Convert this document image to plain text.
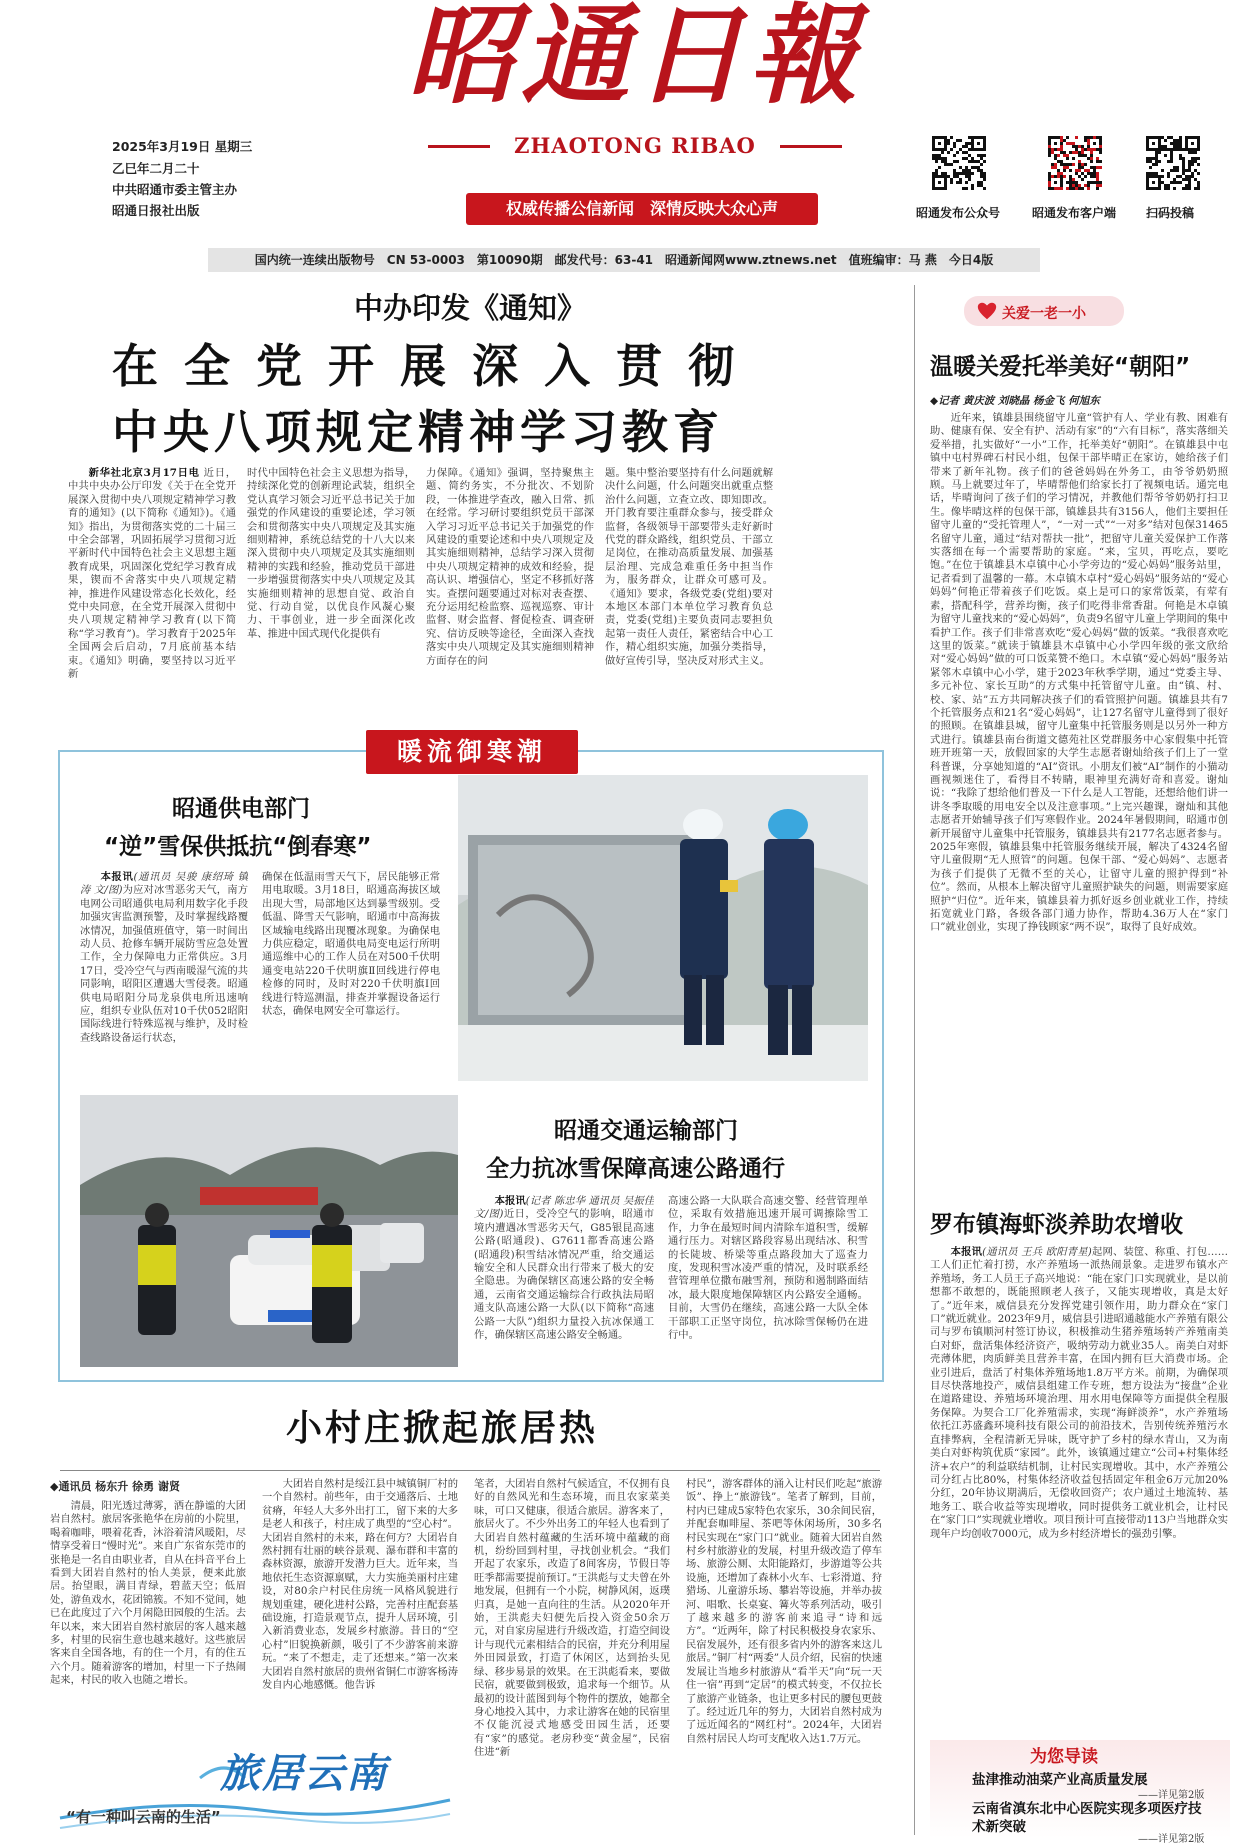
昭通日報
ZHAOTONG RIBAO
权威传播公信新闻　深情反映大众心声
2025年3月19日 星期三
乙巳年二月二十
中共昭通市委主管主办
昭通日报社出版	昭通发布公众号	昭通发布客户端 扫码投稿
国内统一连续出版物号　CN 53-0003　第10090期　邮发代号：63-41　昭通新闻网www.ztnews.net　值班编审：马 燕　今日4版
中办印发《通知》
在 全 党 开 展 深 入 贯 彻
中央八项规定精神学习教育

新华社北京3月17日电 近日，中共中央办公厅印发《关于在全党开展深入贯彻中央八项规定精神学习教育的通知》(以下简称《通知》)。《通知》指出，为贯彻落实党的二十届三中全会部署，巩固拓展学习贯彻习近平新时代中国特色社会主义思想主题教育成果，巩固深化党纪学习教育成果，锲而不舍落实中央八项规定精神，推进作风建设常态化长效化，经党中央同意，在全党开展深入贯彻中央八项规定精神学习教育(以下简称“学习教育”)。学习教育于2025年全国两会后启动，7月底前基本结束。《通知》明确，要坚持以习近平新

时代中国特色社会主义思想为指导，持续深化党的创新理论武装，组织全党认真学习领会习近平总书记关于加强党的作风建设的重要论述，学习领会和贯彻落实中央八项规定及其实施细则精神，系统总结党的十八大以来深入贯彻中央八项规定及其实施细则精神的实践和经验，推动党员干部进一步增强贯彻落实中央八项规定及其实施细则精神的思想自觉、政治自觉、行动自觉，以优良作风凝心聚力、干事创业，进一步全面深化改革、推进中国式现代化提供有

力保障。《通知》强调，坚持聚焦主题、简约务实，不分批次、不划阶段，一体推进学查改，融入日常、抓在经常。学习研讨要组织党员干部深入学习习近平总书记关于加强党的作风建设的重要论述和中央八项规定及其实施细则精神，总结学习深入贯彻中央八项规定精神的成效和经验，提高认识、增强信心，坚定不移抓好落实。查摆问题要通过对标对表查摆、充分运用纪检监察、巡视巡察、审计监督、财会监督、督促检查、调查研究、信访反映等途径，全面深入查找落实中央八项规定及其实施细则精神方面存在的问

题。集中整治要坚持有什么问题就解决什么问题，什么问题突出就重点整治什么问题，立查立改、即知即改。开门教育要注重群众参与，接受群众监督，各级领导干部要带头走好新时代党的群众路线，组织党员、干部立足岗位，在推动高质量发展、加强基层治理、完成急难重任务中担当作为，服务群众，让群众可感可及。《通知》要求，各级党委(党组)要对本地区本部门本单位学习教育负总责，党委(党组)主要负责同志要担负起第一责任人责任，紧密结合中心工作，精心组织实施，加强分类指导，做好宣传引导，坚决反对形式主义。

暖流御寒潮
昭通供电部门
“逆”雪保供抵抗“倒春寒”

本报讯(通讯员 吴骏 康绍琦 镇涛 文/图)为应对冰雪恶劣天气，南方电网公司昭通供电局利用数字化手段加强灾害监测预警，及时掌握线路覆冰情况，加强值班值守，第一时间出动人员、抢修车辆开展防雪应急处置工作，全力保障电力正常供应。3月17日，受冷空气与西南暖湿气流的共同影响，昭阳区遭遇大雪侵袭。昭通供电局昭阳分局龙泉供电所迅速响应，组织专业队伍对10千伏052昭阳国际线进行特殊巡视与维护，及时检查线路设备运行状态，

确保在低温雨雪天气下，居民能够正常用电取暖。3月18日，昭通高海拔区域出现大雪，局部地区达到暴雪级别。受低温、降雪天气影响，昭通市中高海拔区域输电线路出现覆冰现象。为确保电力供应稳定，昭通供电局变电运行所明通巡维中心的工作人员在对500千伏明通变电站220千伏明旗Ⅱ回线进行停电检修的同时，及时对220千伏明旗Ⅰ回线进行特巡测温，排查并掌握设备运行状态，确保电网安全可靠运行。

昭通交通运输部门
全力抗冰雪保障高速公路通行

本报讯(记者 陈忠华 通讯员 吴振佳 文/图)近日，受冷空气的影响，昭通市境内遭遇冰雪恶劣天气，G85银昆高速公路(昭通段)、G7611都香高速公路(昭通段)积雪结冰情况严重，给交通运输安全和人民群众出行带来了极大的安全隐患。为确保辖区高速公路的安全畅通，云南省交通运输综合行政执法局昭通支队高速公路一大队(以下简称“高速公路一大队”)组织力量投入抗冰保通工作，确保辖区高速公路安全畅通。

高速公路一大队联合高速交警、经营管理单位，采取有效措施迅速开展可调擦除雪工作，力争在最短时间内清除车道积雪，缓解通行压力。对辖区路段容易出现结冰、积雪的长陡坡、桥梁等重点路段加大了巡查力度，发现积雪冰凌严重的情况，及时联系经营管理单位撒布融雪剂，预防和遏制路面结冰，最大限度地保障辖区内公路安全通畅。目前，大雪仍在继续，高速公路一大队全体干部职工正坚守岗位，抗冰除雪保畅仍在进行中。

小村庄掀起旅居热
◆通讯员 杨东升 徐勇 谢贤

清晨，阳光透过薄雾，洒在静谧的大团岩自然村。旅居客张艳华在房前的小院里，喝着咖啡，喂着花香，沐浴着清风暖阳，尽情享受着日“慢时光”。来自广东省东莞市的张艳是一名自由职业者，自从在抖音平台上看到大团岩自然村的怡人美景，便来此旅居。抬望眼，满目青绿，碧蓝天空；低眉处，游鱼戏水，花团锦簇。不知不觉间，她已在此度过了六个月闲隐田园般的生活。去年以来，来大团岩自然村旅居的客人越来越多，村里的民宿生意也越来越好。这些旅居客来自全国各地，有的住一个月，有的住五六个月。随着游客的增加，村里一下子热闹起来，村民的收入也随之增长。

大团岩自然村是绥江县中城镇铜厂村的一个自然村。前些年，由于交通落后、土地贫瘠，年轻人大多外出打工，留下来的大多是老人和孩子，村庄成了典型的“空心村”。大团岩自然村的未来，路在何方？大团岩自然村拥有壮丽的峡谷景观、瀑布群和丰富的森林资源，旅游开发潜力巨大。近年来，当地依托生态资源禀赋，大力实施美丽村庄建设，对80余户村民住房统一风格风貌进行规划重建，硬化进村公路，完善村庄配套基础设施，打造景观节点，提升人居环境，引入新消费业态，发展乡村旅游。昔日的“空心村”旧貌换新颜，吸引了不少游客前来游玩。“来了不想走，走了还想来。”第一次来大团岩自然村旅居的贵州省铜仁市游客杨涛发自内心地感慨。他告诉

笔者，大团岩自然村气候适宜，不仅拥有良好的自然风光和生态环境，而且农家菜美味，可口又健康，很适合旅居。游客来了，旅居火了。不少外出务工的年轻人也看到了大团岩自然村蕴藏的生活环境中蕴藏的商机，纷纷回到村里，寻找创业机会。“我们开起了农家乐，改造了8间客房，节假日等旺季都需要提前预订。”王洪彪与丈夫曾在外地发展，但拥有一个小院，树静风闲，返璞归真，是她一直向往的生活。从2020年开始，王洪彪夫妇便先后投入资金50余万元，对自家房屋进行升级改造，打造空间设计与现代元素相结合的民宿，并充分利用屋外田园景致，打造了休闲区，达到抬头见绿、移步易景的效果。在王洪彪看来，要做民宿，就要做到极致，追求每一个细节。从最初的设计蓝图到每个物件的摆放，她都全身心地投入其中，力求让游客在她的民宿里不仅能沉浸式地感受田园生活，还要有“家”的感觉。老房秒变“黄金屋”，民宿住进“新

村民”，游客群体的涌入让村民们吃起“旅游饭”、挣上“旅游钱”。笔者了解到，目前，村内已建成5家特色农家乐，30余间民宿，并配套咖啡屋、茶吧等休闲场所，30多名村民实现在“家门口”就业。随着大团岩自然村乡村旅游业的发展，村里升级改造了停车场、旅游公厕、太阳能路灯，步游道等公共设施，还增加了森林小火车、七彩滑道、狩猎场、儿童游乐场、攀岩等设施，并举办拔河、唱歌、长桌宴、篝火等系列活动，吸引了越来越多的游客前来追寻“诗和远方”。“近两年，除了村民积极投身农家乐、民宿发展外，还有很多省内外的游客来这儿旅居。”铜厂村“两委”人员介绍，民宿的快速发展让当地乡村旅游从“看半天”向“玩一天住一宿”再到“定居”的模式转变，不仅拉长了旅游产业链条，也让更多村民的腰包更鼓了。经过近几年的努力，大团岩自然村成为了远近闻名的“网红村”。2024年，大团岩自然村居民人均可支配收入达1.7万元。

旅居云南
“有一种叫云南的生活”
关爱一老一小
温暖关爱托举美好“朝阳”
◆记者 黄庆波 刘晓晶 杨金飞 何旭东

近年来，镇雄县围绕留守儿童“管护有人、学业有教、困难有助、健康有保、安全有护、活动有家”的“六有目标”，落实落细关爱举措，扎实做好“一小”工作，托举美好“朝阳”。在镇雄县中屯镇中屯村界碑石村民小组，包保干部毕晴正在家访，她给孩子们带来了新年礼物。孩子们的爸爸妈妈在外务工，由爷爷奶奶照顾。马上就要过年了，毕晴帮他们给家长打了视频电话。通完电话，毕晴询问了孩子们的学习情况，并教他们帮爷爷奶奶打扫卫生。像毕晴这样的包保干部，镇雄县共有3156人，他们主要担任留守儿童的“受托管理人”，“一对一式”“一对多”结对包保31465名留守儿童，通过“结对帮扶一批”，把留守儿童关爱保护工作落实落细在每一个需要帮助的家庭。“来，宝贝，再吃点，要吃饱。”在位于镇雄县木卓镇中心小学旁边的“爱心妈妈”服务站里，记者看到了温馨的一幕。木卓镇木卓村“爱心妈妈”服务站的“爱心妈妈”何艳正带着孩子们吃饭。桌上是可口的家常饭菜，有荤有素，搭配科学，营养均衡，孩子们吃得非常香甜。何艳是木卓镇为留守儿童找来的“爱心妈妈”，负责9名留守儿童上学期间的集中看护工作。孩子们非常喜欢吃“爱心妈妈”做的饭菜。“我很喜欢吃这里的饭菜。”就读于镇雄县木卓镇中心小学四年级的张文欣给对“爱心妈妈”做的可口饭菜赞不绝口。木卓镇“爱心妈妈”服务站紧邻木卓镇中心小学，建于2023年秋季学期，通过“党委主导、多元补位、家长互助”的方式集中托管留守儿童。由“镇、村、校、家、站”五方共同解决孩子们的看管照护问题。镇雄县共有7个托管服务点和21名“爱心妈妈”，让127名留守儿童得到了很好的照顾。在镇雄县城，留守儿童集中托管服务则是以另外一种方式进行。镇雄县南台街道文德苑社区党群服务中心家假集中托管班开班第一天，放假回家的大学生志愿者谢灿给孩子们上了一堂科普课，分享她知道的“AI”资讯。小朋友们被“AI”制作的小猫动画视频迷住了，看得目不转睛，眼神里充满好奇和喜爱。谢灿说：“我除了想给他们普及一下什么是人工智能，还想给他们讲一讲冬季取暖的用电安全以及注意事项。”上完兴趣课，谢灿和其他志愿者开始辅导孩子们写寒假作业。2024年暑假期间，昭通市创新开展留守儿童集中托管服务，镇雄县共有2177名志愿者参与。2025年寒假，镇雄县集中托管服务继续开展，解决了4324名留守儿童假期“无人照管”的问题。包保干部、“爱心妈妈”、志愿者为孩子们提供了无微不至的关心，让留守儿童的照护得到“补位”。然而，从根本上解决留守儿童照护缺失的问题，则需要家庭照护“归位”。近年来，镇雄县着力抓好返乡创业就业工作，持续拓宽就业门路，各级各部门通力协作，帮助4.36万人在“家门口”就业创业，实现了挣钱顾家“两不误”，取得了良好成效。

罗布镇海虾淡养助农增收

本报讯(通讯员 王兵 欧阳青星)起网、装筐、称重、打包……工人们正忙着打捞，水产养殖场一派热闹景象。走进罗布镇水产养殖场，务工人员王子高兴地说：“能在家门口实现就业，是以前想都不敢想的，既能照顾老人孩子，又能实现增收，真是太好了。”近年来，威信县充分发挥党建引领作用，助力群众在“家门口”就近就业。2023年9月，威信县引进昭通越能水产养殖有限公司与罗布镇顺河村签订协议，积极推动生猪养殖场转产养殖南美白对虾，盘活集体经济资产，吸纳劳动力就业35人。南美白对虾壳薄体肥，肉质鲜美且营养丰富，在国内拥有巨大消费市场。企业引进后，盘活了村集体养殖场地1.8万平方米。前期，为确保项目尽快落地投产，威信县组建工作专班，想方设法为“接盘”企业在道路建设、养殖场环境治理、用水用电保障等方面提供全程服务保障。为契合工厂化养殖需求，实现“海鲜淡养”，水产养殖场依托江苏盛鑫环境科技有限公司的前沿技术，告别传统养殖污水直排弊病，全程清新无异味，既守护了乡村的绿水青山，又为南美白对虾构筑优质“家园”。此外，该镇通过建立“公司+村集体经济+农户”的利益联结机制，让村民实现增收。其中，水产养殖公司分红占比80%，村集体经济收益包括固定年租金6万元加20%分红，20年协议期满后，无偿收回资产；农户通过土地流转、基地务工、联合收益等实现增收，同时提供务工就业机会，让村民在“家门口”实现就业增收。项目预计可直接带动113户当地群众实现年户均创收7000元，成为乡村经济增长的强劲引擎。

为您导读
盐津推动油菜产业高质量发展
——详见第2版
云南省滇东北中心医院实现多项医疗技术新突破
——详见第2版
